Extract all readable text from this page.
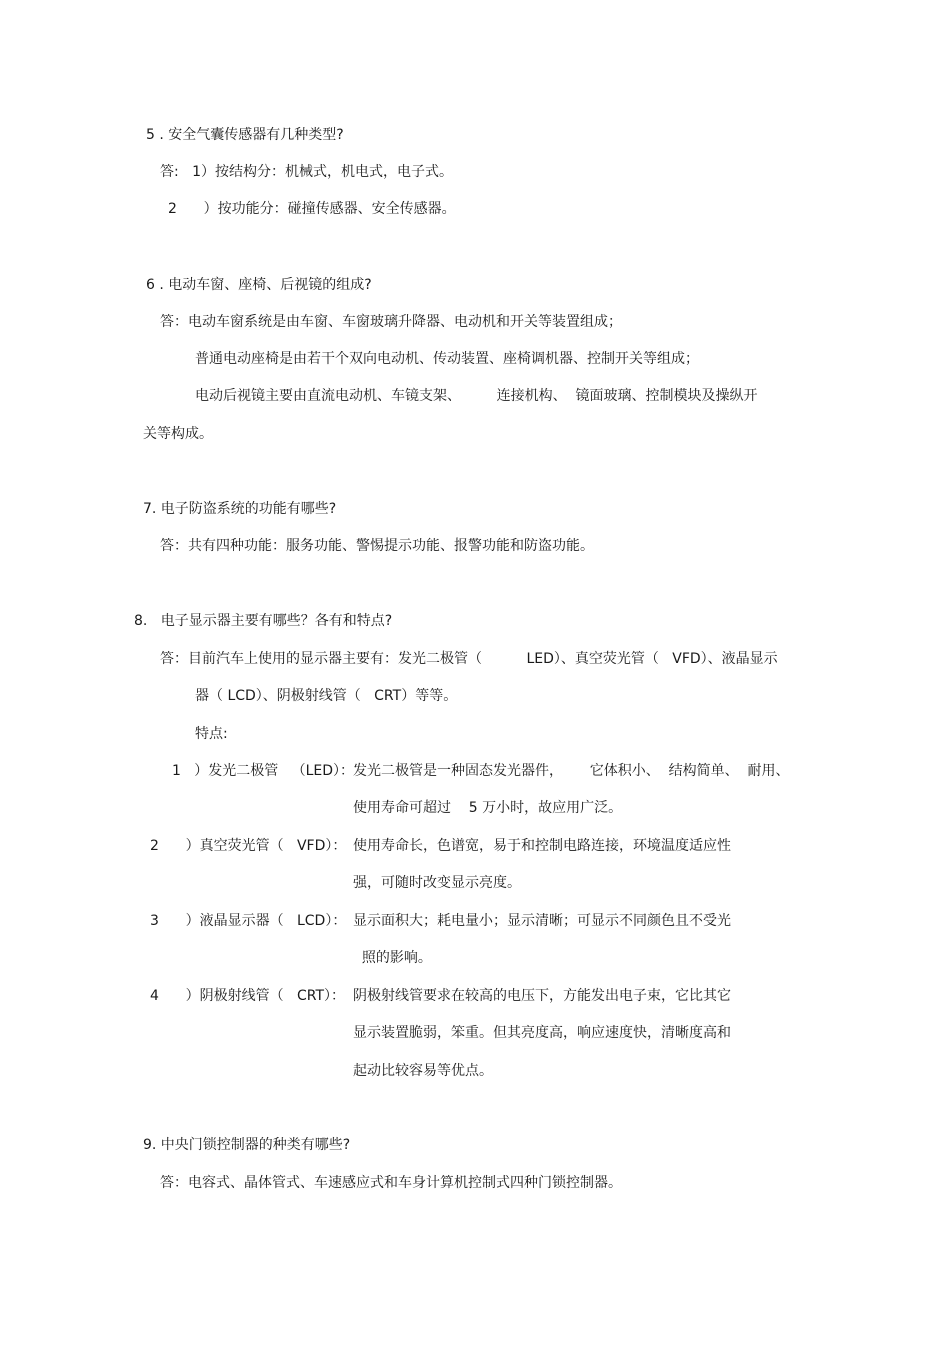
5 . 安全气囊传感器有几种类型?
答:   1）按结构分：机械式，机电式，电子式。
2      ）按功能分：碰撞传感器、安全传感器。
6 . 电动车窗、座椅、后视镜的组成?
答：电动车窗系统是由车窗、车窗玻璃升降器、电动机和开关等装置组成；
普通电动座椅是由若干个双向电动机、传动装置、座椅调机器、控制开关等组成；
电动后视镜主要由直流电动机、车镜支架、        连接机构、  镜面玻璃、控制模块及操纵开
关等构成。
7. 电子防盗系统的功能有哪些?
答：共有四种功能：服务功能、警惕提示功能、报警功能和防盗功能。
8.   电子显示器主要有哪些？各有和特点?
答：目前汽车上使用的显示器主要有：发光二极管（          LED）、真空荧光管（   VFD）、液晶显示
器（ LCD）、阴极射线管（   CRT）等等。
特点:
1   ）发光二极管   （LED）：
发光二极管是一种固态发光器件，      它体积小、  结构简单、  耐用、
使用寿命可超过    5 万小时，故应用广泛。
2      ）真空荧光管（   VFD）： 使用寿命长，色谱宽，易于和控制电路连接，环境温度适应性
强，可随时改变显示亮度。
3      ）液晶显示器（   LCD）： 显示面积大；耗电量小；显示清晰；可显示不同颜色且不受光
照的影响。
4      ）阴极射线管（   CRT）： 阴极射线管要求在较高的电压下，方能发出电子束，它比其它
显示装置脆弱，笨重。但其亮度高，响应速度快，清晰度高和
起动比较容易等优点。
9. 中央门锁控制器的种类有哪些?
答：电容式、晶体管式、车速感应式和车身计算机控制式四种门锁控制器。
